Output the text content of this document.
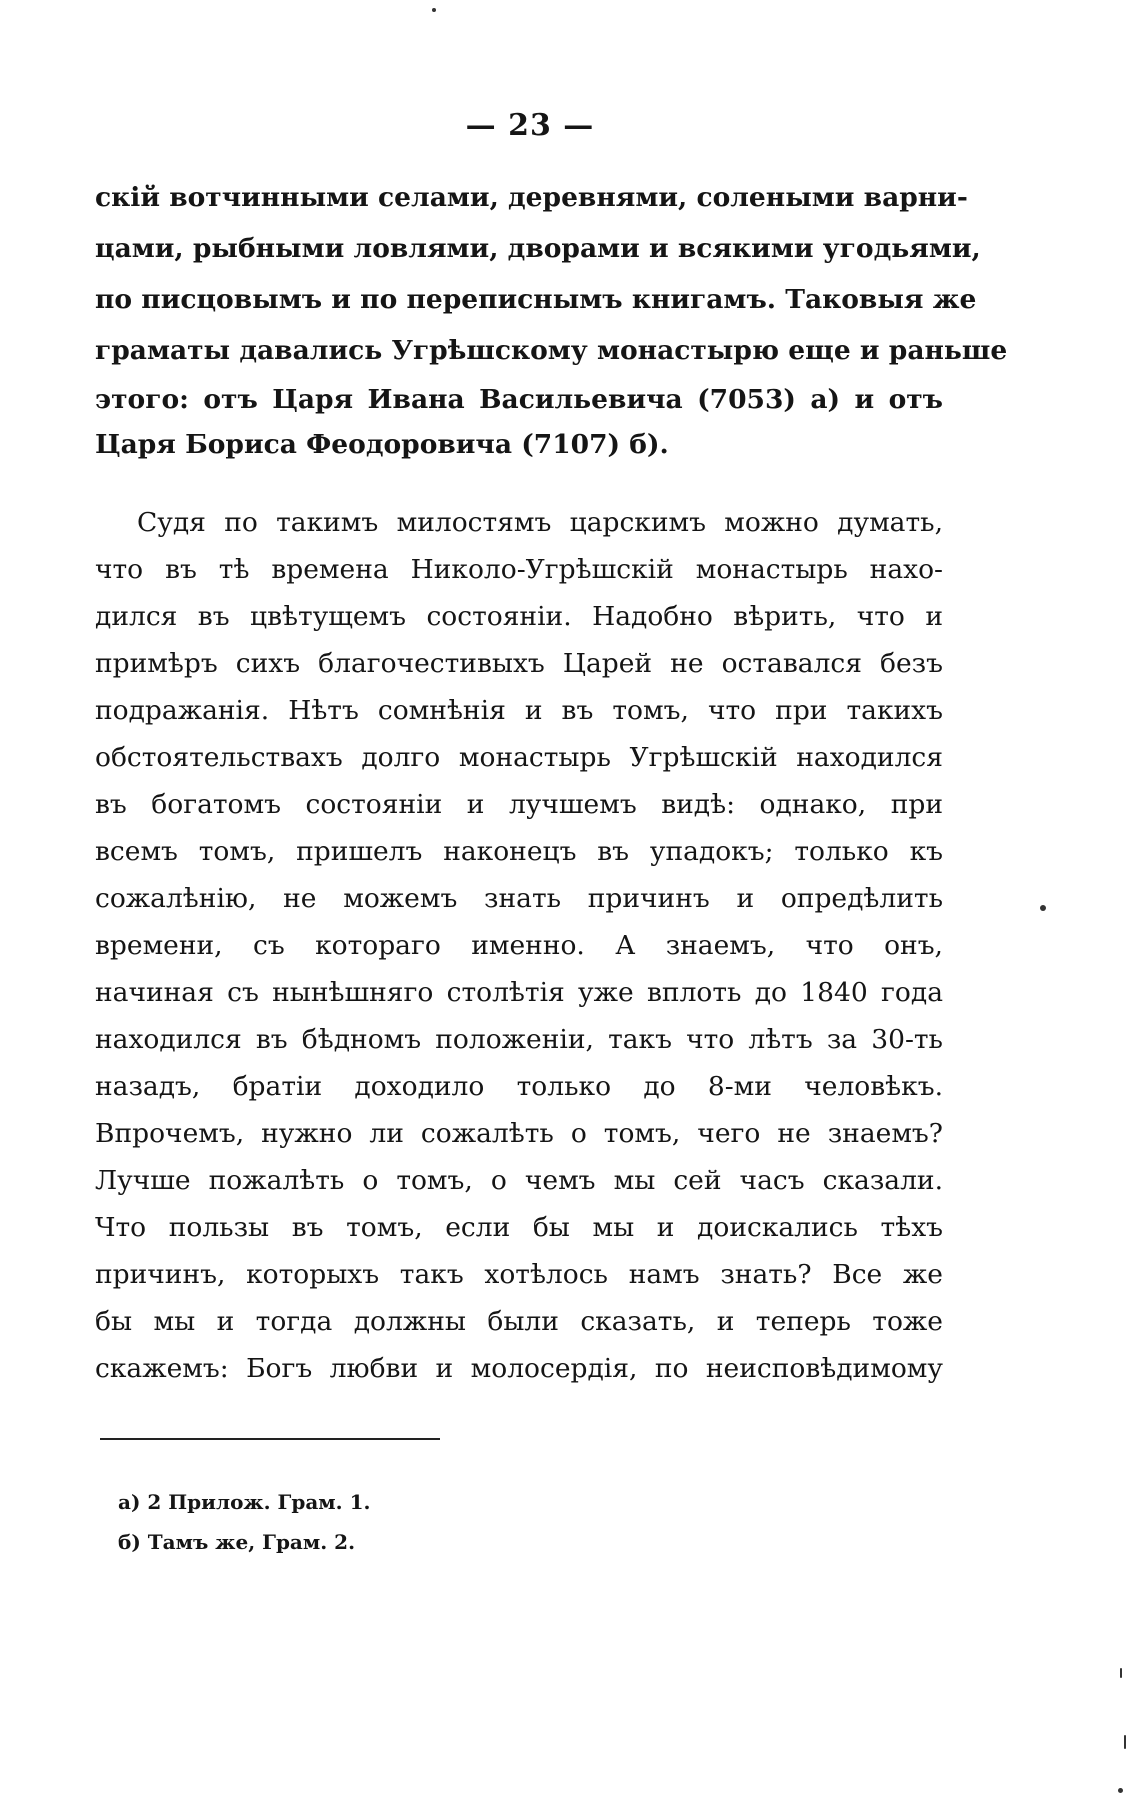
— 23 —
скiй вотчинными селами, деревнями, солеными варни-
цами, рыбными ловлями, дворами и всякими угодьями,
по писцовымъ и по переписнымъ книгамъ. Таковыя же
граматы давались Угрѣшскому монастырю еще и раньше
этого: отъ Царя Ивана Васильевича (7053) а) и отъ
Царя Бориса Феодоровича (7107) б).
Судя по такимъ милостямъ царскимъ можно думать,
что въ тѣ времена Николо-Угрѣшскiй монастырь нахо-
дился въ цвѣтущемъ состоянiи. Надобно вѣрить, что и
примѣръ сихъ благочестивыхъ Царей не оставался безъ
подражанiя. Нѣтъ сомнѣнiя и въ томъ, что при такихъ
обстоятельствахъ долго монастырь Угрѣшскiй находился
въ богатомъ состоянiи и лучшемъ видѣ: однако, при
всемъ томъ, пришелъ наконецъ въ упадокъ; только къ
сожалѣнiю, не можемъ знать причинъ и опредѣлить
времени, съ котораго именно. А знаемъ, что онъ,
начиная съ нынѣшняго столѣтiя уже вплоть до 1840 года
находился въ бѣдномъ положенiи, такъ что лѣтъ за 30-ть
назадъ, братiи доходило только до 8-ми человѣкъ.
Впрочемъ, нужно ли сожалѣть о томъ, чего не знаемъ?
Лучше пожалѣть о томъ, о чемъ мы сей часъ сказали.
Что пользы въ томъ, если бы мы и доискались тѣхъ
причинъ, которыхъ такъ хотѣлось намъ знать? Все же
бы мы и тогда должны были сказать, и теперь тоже
скажемъ: Богъ любви и молосердiя, по неисповѣдимому
а) 2 Прилож. Грам. 1.
б) Тамъ же, Грам. 2.
